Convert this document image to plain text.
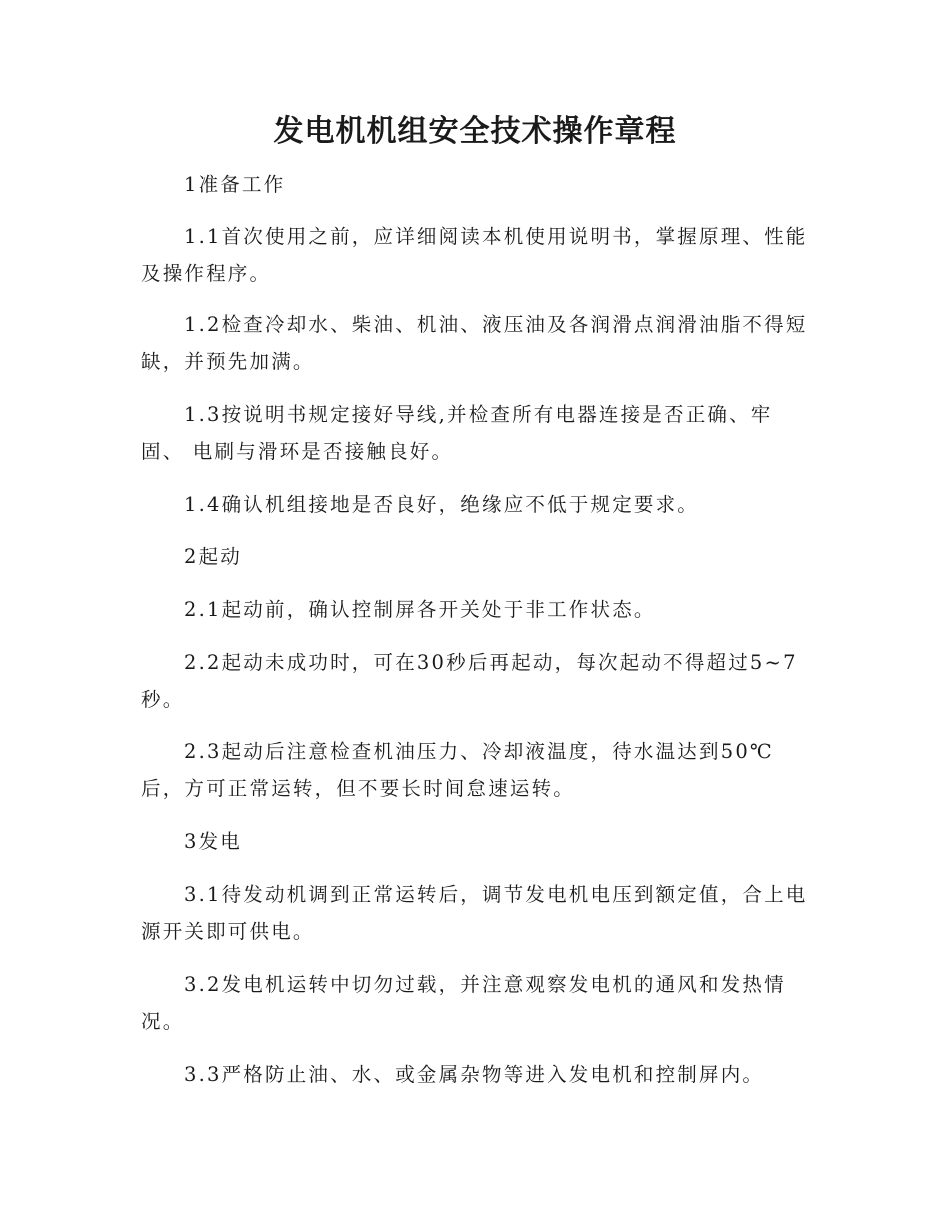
发电机机组安全技术操作章程

1准备工作

1.1首次使用之前，应详细阅读本机使用说明书，掌握原理、性能及操作程序。

1.2检查冷却水、柴油、机油、液压油及各润滑点润滑油脂不得短缺，并预先加满。

1.3按说明书规定接好导线,并检查所有电器连接是否正确、牢固、 电刷与滑环是否接触良好。

1.4确认机组接地是否良好，绝缘应不低于规定要求。

2起动

2.1起动前，确认控制屏各开关处于非工作状态。

2.2起动未成功时，可在30秒后再起动，每次起动不得超过5~7秒。

2.3起动后注意检查机油压力、冷却液温度，待水温达到50℃后，方可正常运转，但不要长时间怠速运转。

3发电

3.1待发动机调到正常运转后，调节发电机电压到额定值，合上电源开关即可供电。

3.2发电机运转中切勿过载，并注意观察发电机的通风和发热情况。

3.3严格防止油、水、或金属杂物等进入发电机和控制屏内。
